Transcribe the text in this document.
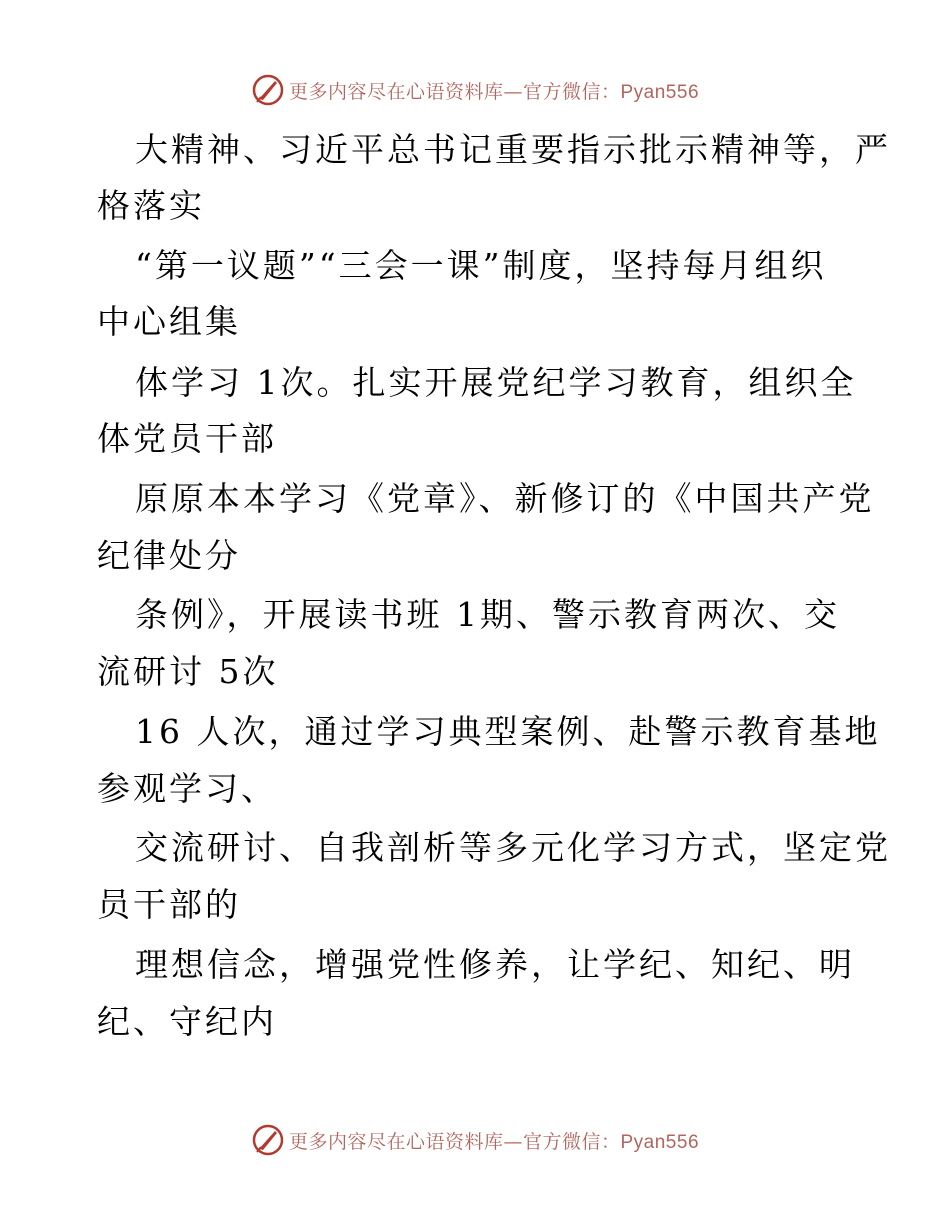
更多内容尽在心语资料库—官方微信：Pyan556
大精神、习近平总书记重要指示批示精神等，严
格落实
“第一议题”“三会一课”制度，坚持每月组织
中心组集
体学习 1次。扎实开展党纪学习教育，组织全
体党员干部
原原本本学习《党章》、新修订的《中国共产党
纪律处分
条例》，开展读书班 1期、警示教育两次、交
流研讨 5次
16 人次，通过学习典型案例、赴警示教育基地
参观学习、
交流研讨、自我剖析等多元化学习方式，坚定党
员干部的
理想信念，增强党性修养，让学纪、知纪、明
纪、守纪内
更多内容尽在心语资料库—官方微信：Pyan556
